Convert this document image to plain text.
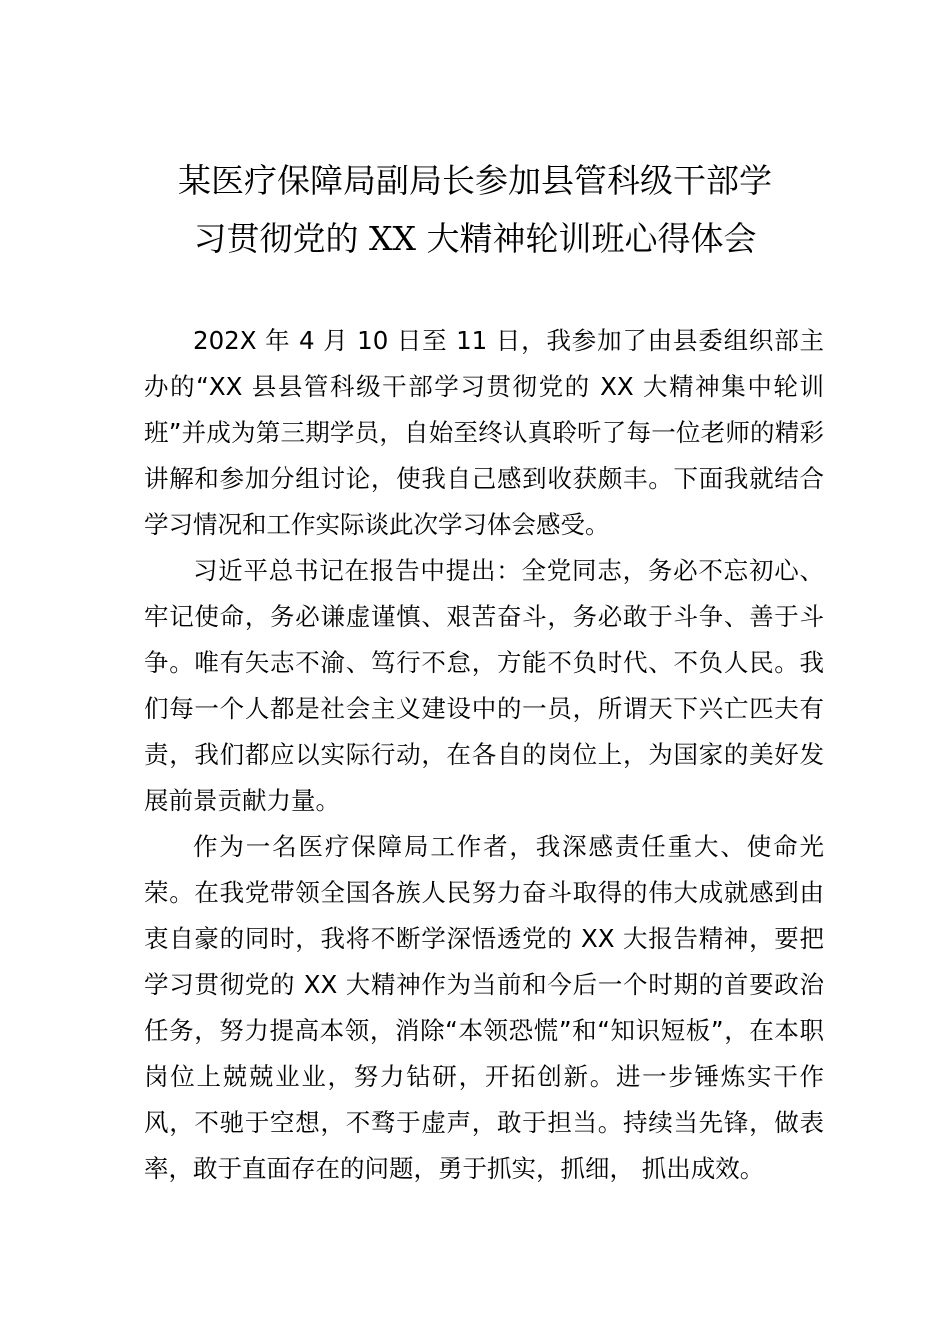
某医疗保障局副局长参加县管科级干部学
习贯彻党的 XX 大精神轮训班心得体会

202X 年 4 月 10 日至 11 日，我参加了由县委组织部主办的“XX 县县管科级干部学习贯彻党的 XX 大精神集中轮训班”并成为第三期学员，自始至终认真聆听了每一位老师的精彩讲解和参加分组讨论，使我自己感到收获颇丰。下面我就结合学习情况和工作实际谈此次学习体会感受。

习近平总书记在报告中提出：全党同志，务必不忘初心、牢记使命，务必谦虚谨慎、艰苦奋斗，务必敢于斗争、善于斗争。唯有矢志不渝、笃行不怠，方能不负时代、不负人民。我们每一个人都是社会主义建设中的一员，所谓天下兴亡匹夫有责，我们都应以实际行动，在各自的岗位上，为国家的美好发展前景贡献力量。

作为一名医疗保障局工作者，我深感责任重大、使命光荣。在我党带领全国各族人民努力奋斗取得的伟大成就感到由衷自豪的同时，我将不断学深悟透党的 XX 大报告精神，要把学习贯彻党的 XX 大精神作为当前和今后一个时期的首要政治任务，努力提高本领，消除“本领恐慌”和“知识短板”，在本职岗位上兢兢业业，努力钻研，开拓创新。进一步锤炼实干作风，不驰于空想，不骛于虚声，敢于担当。持续当先锋，做表率，敢于直面存在的问题，勇于抓实，抓细， 抓出成效。
